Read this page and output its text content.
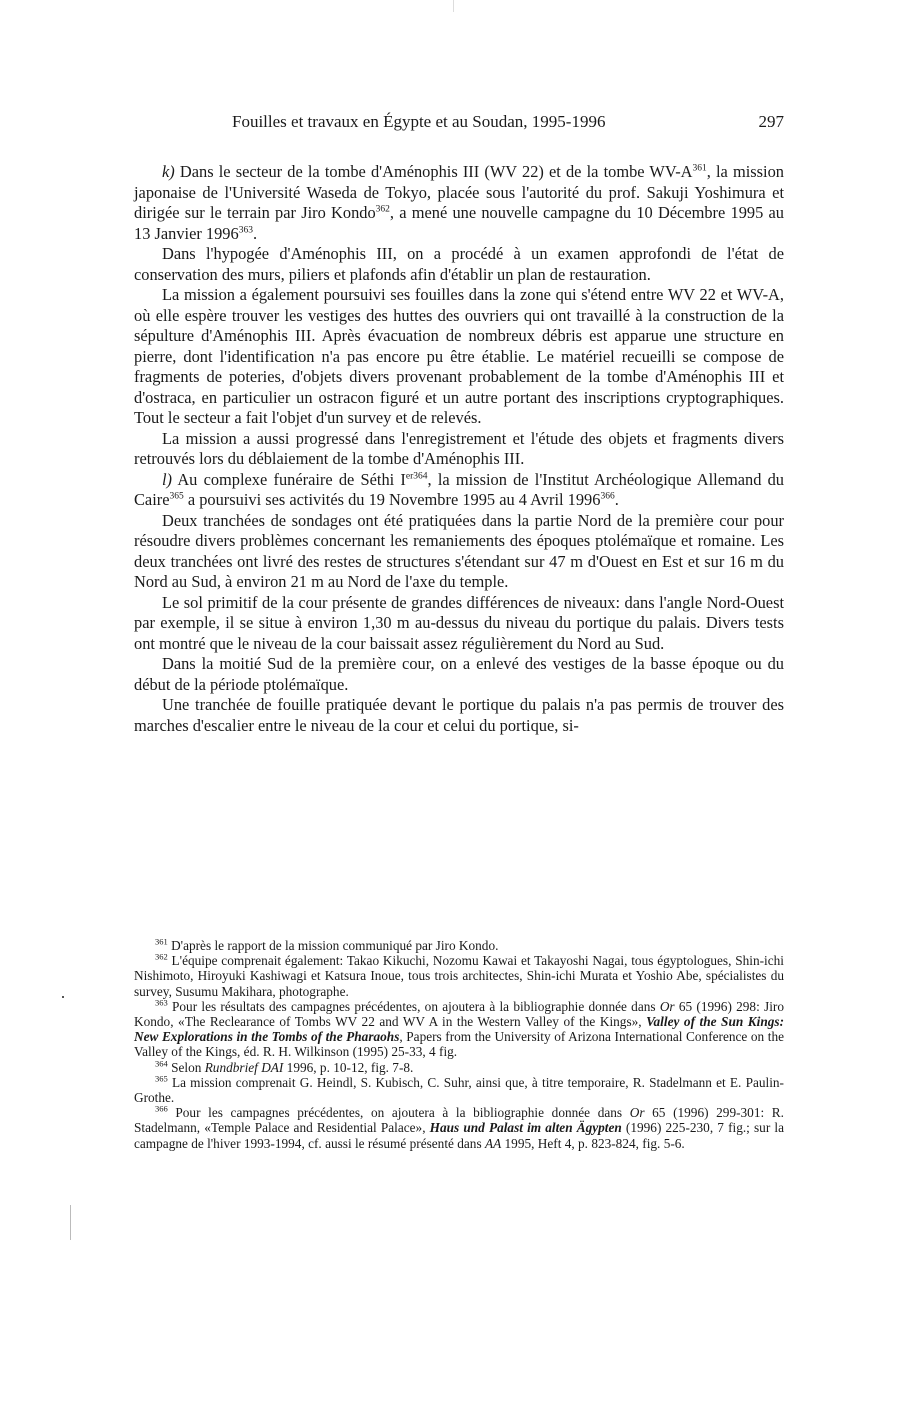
Fouilles et travaux en Égypte et au Soudan, 1995-1996	297

k) Dans le secteur de la tombe d'Aménophis III (WV 22) et de la tombe $WV-A^{361}$, la mission japonaise de l'Université Waseda de Tokyo, placée sous l'autorité du prof. Sakuji Yoshimura et dirigée sur le terrain par Jiro Kondo$^{362}$, a mené une nouvelle campagne du 10 Décembre 1995 au 13 Janvier 1996$^{363}$.

Dans l'hypogée d'Aménophis III, on a procédé à un examen approfondi de l'état de conservation des murs, piliers et plafonds afin d'établir un plan de restauration.

La mission a également poursuivi ses fouilles dans la zone qui s'étend entre WV 22 et WV-A, où elle espère trouver les vestiges des huttes des ouvriers qui ont travaillé à la construction de la sépulture d'Aménophis III. Après évacuation de nombreux débris est apparue une structure en pierre, dont l'identification n'a pas encore pu être établie. Le matériel recueilli se compose de fragments de poteries, d'objets divers provenant probablement de la tombe d'Aménophis III et d'ostraca, en particulier un ostracon figuré et un autre portant des inscriptions cryptographiques. Tout le secteur a fait l'objet d'un survey et de relevés.

La mission a aussi progressé dans l'enregistrement et l'étude des objets et fragments divers retrouvés lors du déblaiement de la tombe d'Aménophis III.

l) Au complexe funéraire de Séthi $I^{er364}$, la mission de l'Institut Archéologique Allemand du Caire$^{365}$ a poursuivi ses activités du 19 Novembre 1995 au 4 Avril 1996$^{366}$.

Deux tranchées de sondages ont été pratiquées dans la partie Nord de la première cour pour résoudre divers problèmes concernant les remaniements des époques ptolémaïque et romaine. Les deux tranchées ont livré des restes de structures s'étendant sur 47 m d'Ouest en Est et sur 16 m du Nord au Sud, à environ 21 m au Nord de l'axe du temple.

Le sol primitif de la cour présente de grandes différences de niveaux: dans l'angle Nord-Ouest par exemple, il se situe à environ 1,30 m au-dessus du niveau du portique du palais. Divers tests ont montré que le niveau de la cour baissait assez régulièrement du Nord au Sud.

Dans la moitié Sud de la première cour, on a enlevé des vestiges de la basse époque ou du début de la période ptolémaïque.

Une tranchée de fouille pratiquée devant le portique du palais n'a pas permis de trouver des marches d'escalier entre le niveau de la cour et celui du portique, si-

$^{361}$ D'après le rapport de la mission communiqué par Jiro Kondo.

$^{362}$ L'équipe comprenait également: Takao Kikuchi, Nozomu Kawai et Takayoshi Nagai, tous égyptologues, Shin-ichi Nishimoto, Hiroyuki Kashiwagi et Katsura Inoue, tous trois architectes, Shin-ichi Murata et Yoshio Abe, spécialistes du survey, Susumu Makihara, photographe.

$^{363}$ Pour les résultats des campagnes précédentes, on ajoutera à la bibliographie donnée dans Or 65 (1996) 298: Jiro Kondo, «The Reclearance of Tombs WV 22 and WV A in the Western Valley of the Kings», Valley of the Sun Kings: New Explorations in the Tombs of the Pharaohs, Papers from the University of Arizona International Conference on the Valley of the Kings, éd. R. H. Wilkinson (1995) 25-33, 4 fig.

$^{364}$ Selon Rundbrief DAI 1996, p. 10-12, fig. 7-8.

$^{365}$ La mission comprenait G. Heindl, S. Kubisch, C. Suhr, ainsi que, à titre temporaire, R. Stadelmann et E. Paulin-Grothe.

$^{366}$ Pour les campagnes précédentes, on ajoutera à la bibliographie donnée dans Or 65 (1996) 299-301: R. Stadelmann, «Temple Palace and Residential Palace», Haus und Palast im alten Ägypten (1996) 225-230, 7 fig.; sur la campagne de l'hiver 1993-1994, cf. aussi le résumé présenté dans AA 1995, Heft 4, p. 823-824, fig. 5-6.
